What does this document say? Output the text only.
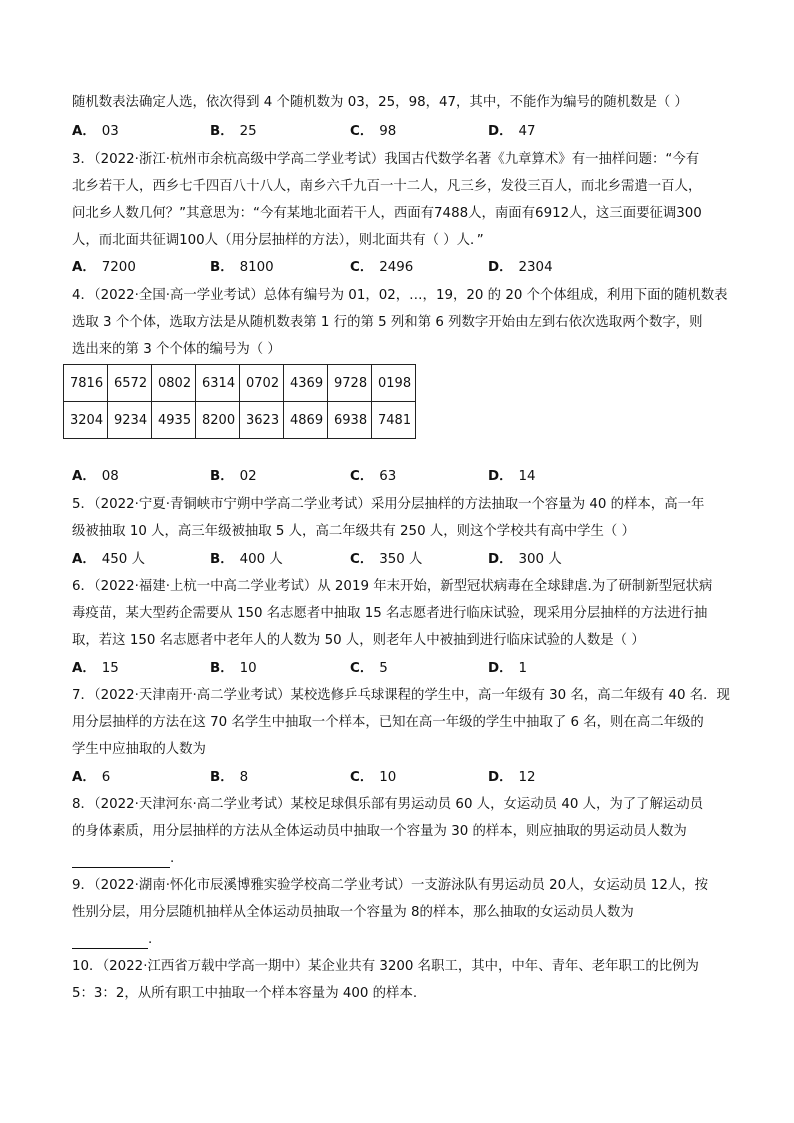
随机数表法确定人选，依次得到 4 个随机数为 03，25，98，47，其中，不能作为编号的随机数是（ ）
A． 03	B． 25	C． 98	D． 47
3．（2022·浙江·杭州市余杭高级中学高二学业考试）我国古代数学名著《九章算术》有一抽样问题：“今有
北乡若干人，西乡七千四百八十八人，南乡六千九百一十二人，凡三乡，发役三百人，而北乡需遣一百人，
问北乡人数几何？”其意思为：“今有某地北面若干人，西面有7488人，南面有6912人，这三面要征调300
人，而北面共征调100人（用分层抽样的方法），则北面共有（ ）人．”
A． 7200	B． 8100	C． 2496	D． 2304
4．（2022·全国·高一学业考试）总体有编号为 01，02，…，19，20 的 20 个个体组成，利用下面的随机数表
选取 3 个个体，选取方法是从随机数表第 1 行的第 5 列和第 6 列数字开始由左到右依次选取两个数字，则
选出来的第 3 个个体的编号为（ ）
7816	6572	0802	6314	0702	4369	9728	0198
3204	9234	4935	8200	3623	4869	6938	7481
A． 08	B． 02	C． 63	D． 14
5．（2022·宁夏·青铜峡市宁朔中学高二学业考试）采用分层抽样的方法抽取一个容量为 40 的样本，高一年
级被抽取 10 人，高三年级被抽取 5 人，高二年级共有 250 人，则这个学校共有高中学生（ ）
A． 450 人	B． 400 人	C． 350 人	D． 300 人
6．（2022·福建·上杭一中高二学业考试）从 2019 年末开始，新型冠状病毒在全球肆虐.为了研制新型冠状病
毒疫苗，某大型药企需要从 150 名志愿者中抽取 15 名志愿者进行临床试验，现采用分层抽样的方法进行抽
取，若这 150 名志愿者中老年人的人数为 50 人，则老年人中被抽到进行临床试验的人数是（ ）
A． 15	B． 10	C． 5	D． 1
7．（2022·天津南开·高二学业考试）某校选修乒乓球课程的学生中，高一年级有 30 名，高二年级有 40 名．现
用分层抽样的方法在这 70 名学生中抽取一个样本，已知在高一年级的学生中抽取了 6 名，则在高二年级的
学生中应抽取的人数为
A． 6	B． 8	C． 10	D． 12
8．（2022·天津河东·高二学业考试）某校足球俱乐部有男运动员 60 人，女运动员 40 人，为了了解运动员
的身体素质，用分层抽样的方法从全体运动员中抽取一个容量为 30 的样本，则应抽取的男运动员人数为
.
9．（2022·湖南·怀化市辰溪博雅实验学校高二学业考试）一支游泳队有男运动员 20人，女运动员 12人，按
性别分层，用分层随机抽样从全体运动员抽取一个容量为 8的样本，那么抽取的女运动员人数为
.
10．（2022·江西省万载中学高一期中）某企业共有 3200 名职工，其中，中年、青年、老年职工的比例为
5：3：2，从所有职工中抽取一个样本容量为 400 的样本.
